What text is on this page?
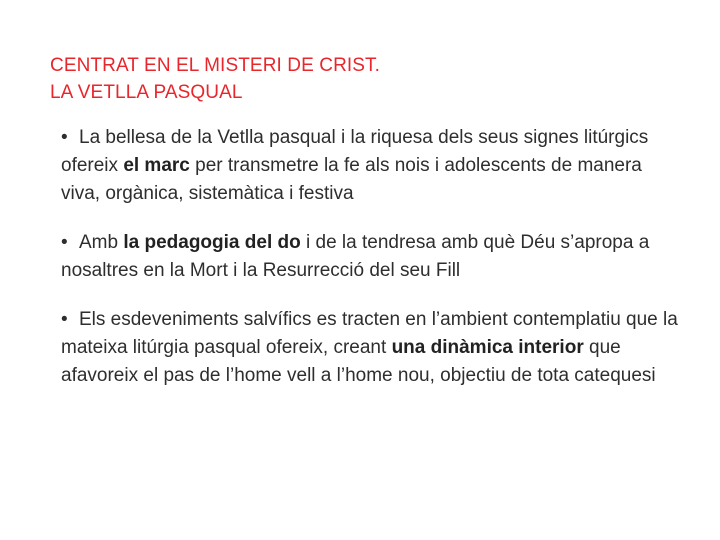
CENTRAT EN EL MISTERI DE CRIST.
LA VETLLA PASQUAL

• La bellesa de la Vetlla pasqual i la riquesa dels seus signes litúrgics ofereix el marc per transmetre la fe als nois i adolescents de manera viva, orgànica, sistemàtica i festiva

• Amb la pedagogia del do i de la tendresa amb què Déu s’apropa a nosaltres en la Mort i la Resurrecció del seu Fill

• Els esdeveniments salvífics es tracten en l’ambient contemplatiu que la mateixa litúrgia pasqual ofereix, creant una dinàmica interior que afavoreix el pas de l’home vell a l’home nou, objectiu de tota catequesi
